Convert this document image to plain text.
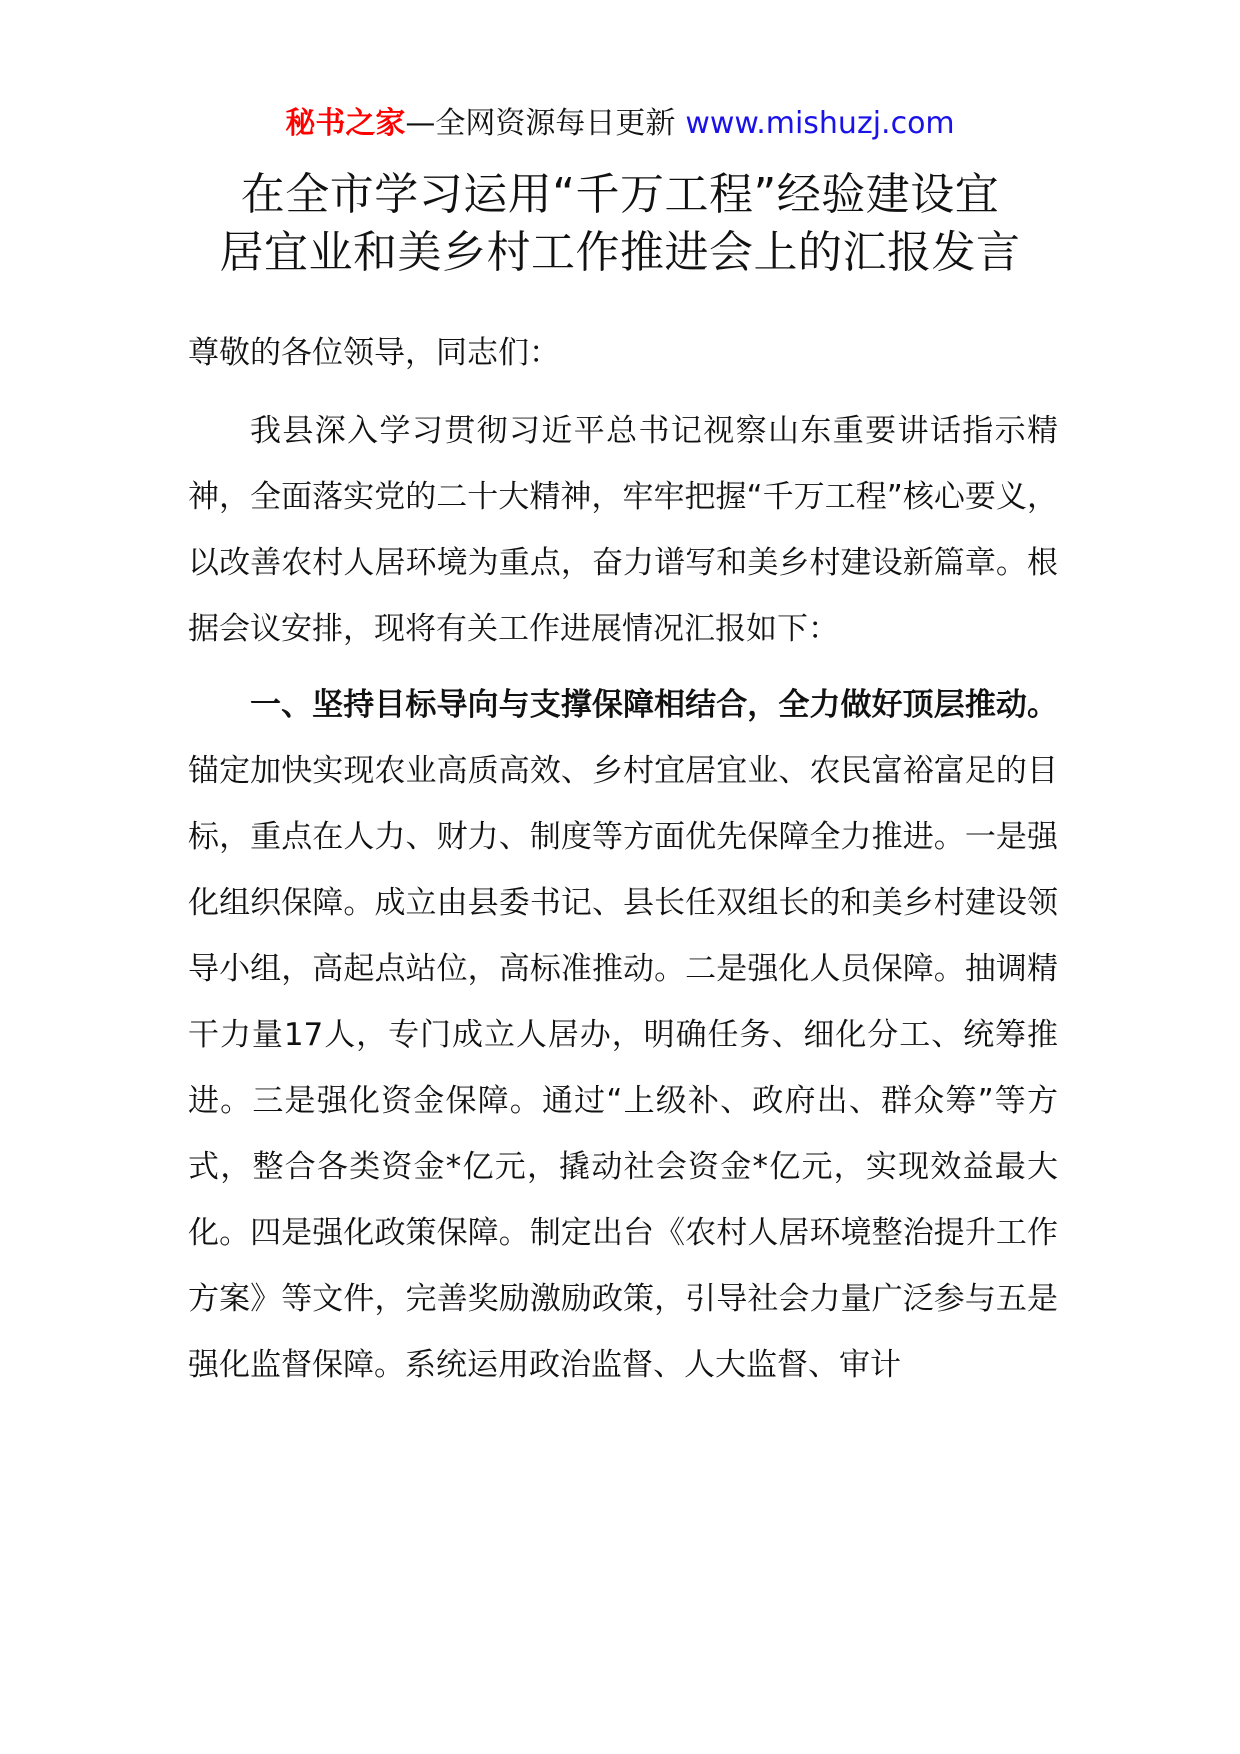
秘书之家—全网资源每日更新 www.mishuzj.com
在全市学习运用“千万工程”经验建设宜
居宜业和美乡村工作推进会上的汇报发言

尊敬的各位领导，同志们：

我县深入学习贯彻习近平总书记视察山东重要讲话指示精神，全面落实党的二十大精神，牢牢把握“千万工程”核心要义，以改善农村人居环境为重点，奋力谱写和美乡村建设新篇章。根据会议安排，现将有关工作进展情况汇报如下：

一、坚持目标导向与支撑保障相结合，全力做好顶层推动。锚定加快实现农业高质高效、乡村宜居宜业、农民富裕富足的目标，重点在人力、财力、制度等方面优先保障全力推进。一是强化组织保障。成立由县委书记、县长任双组长的和美乡村建设领导小组，高起点站位，高标准推动。二是强化人员保障。抽调精干力量17人，专门成立人居办，明确任务、细化分工、统筹推进。三是强化资金保障。通过“上级补、政府出、群众筹”等方式，整合各类资金*亿元，撬动社会资金*亿元，实现效益最大化。四是强化政策保障。制定出台《农村人居环境整治提升工作方案》等文件，完善奖励激励政策，引导社会力量广泛参与五是强化监督保障。系统运用政治监督、人大监督、审计
